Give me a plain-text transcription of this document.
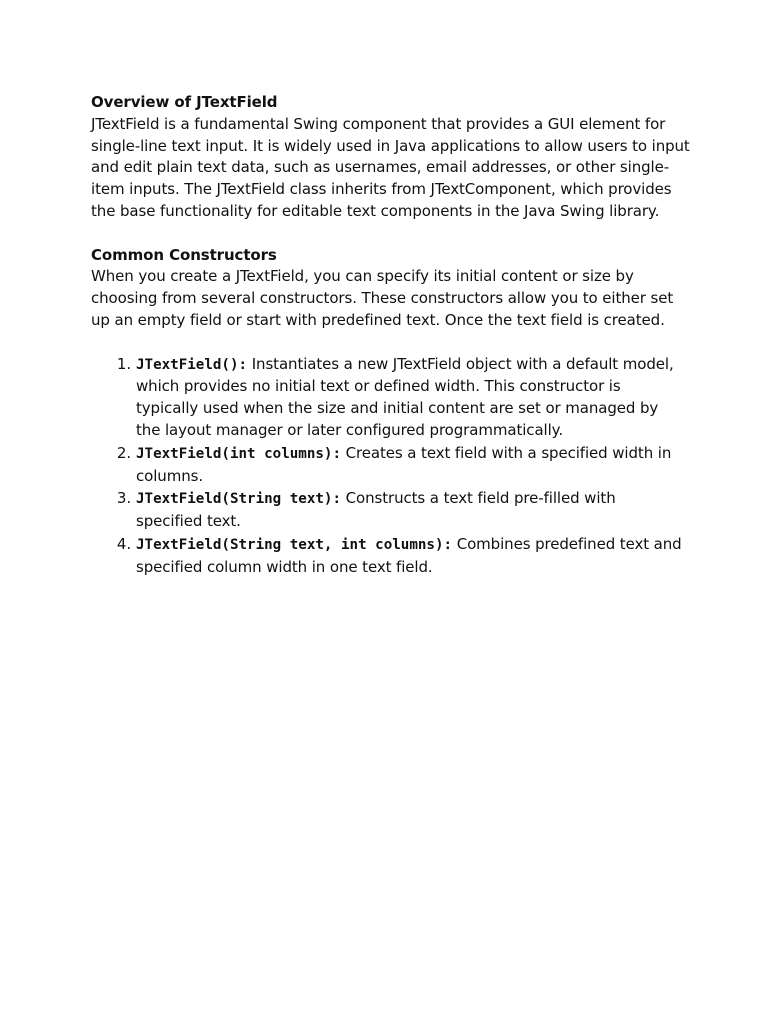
Overview of JTextField

JTextField is a fundamental Swing component that provides a GUI element for single-line text input. It is widely used in Java applications to allow users to input and edit plain text data, such as usernames, email addresses, or other single-item inputs. The JTextField class inherits from JTextComponent, which provides the base functionality for editable text components in the Java Swing library.

Common Constructors

When you create a JTextField, you can specify its initial content or size by choosing from several constructors. These constructors allow you to either set up an empty field or start with predefined text. Once the text field is created.

1. JTextField(): Instantiates a new JTextField object with a default model, which provides no initial text or defined width. This constructor is typically used when the size and initial content are set or managed by the layout manager or later configured programmatically.
2. JTextField(int columns): Creates a text field with a specified width in columns.
3. JTextField(String text): Constructs a text field pre-filled with specified text.
4. JTextField(String text, int columns): Combines predefined text and specified column width in one text field.
